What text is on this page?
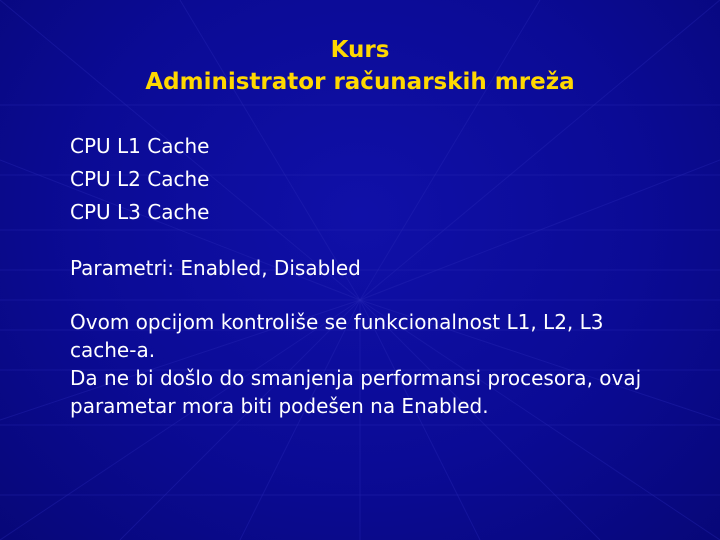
Kurs
Administrator računarskih mreža
CPU L1 Cache
CPU L2 Cache
CPU L3 Cache
Parametri: Enabled, Disabled
Ovom opcijom kontroliše se funkcionalnost L1, L2, L3 cache-a.
Da ne bi došlo do smanjenja performansi procesora, ovaj parametar mora biti podešen na Enabled.
